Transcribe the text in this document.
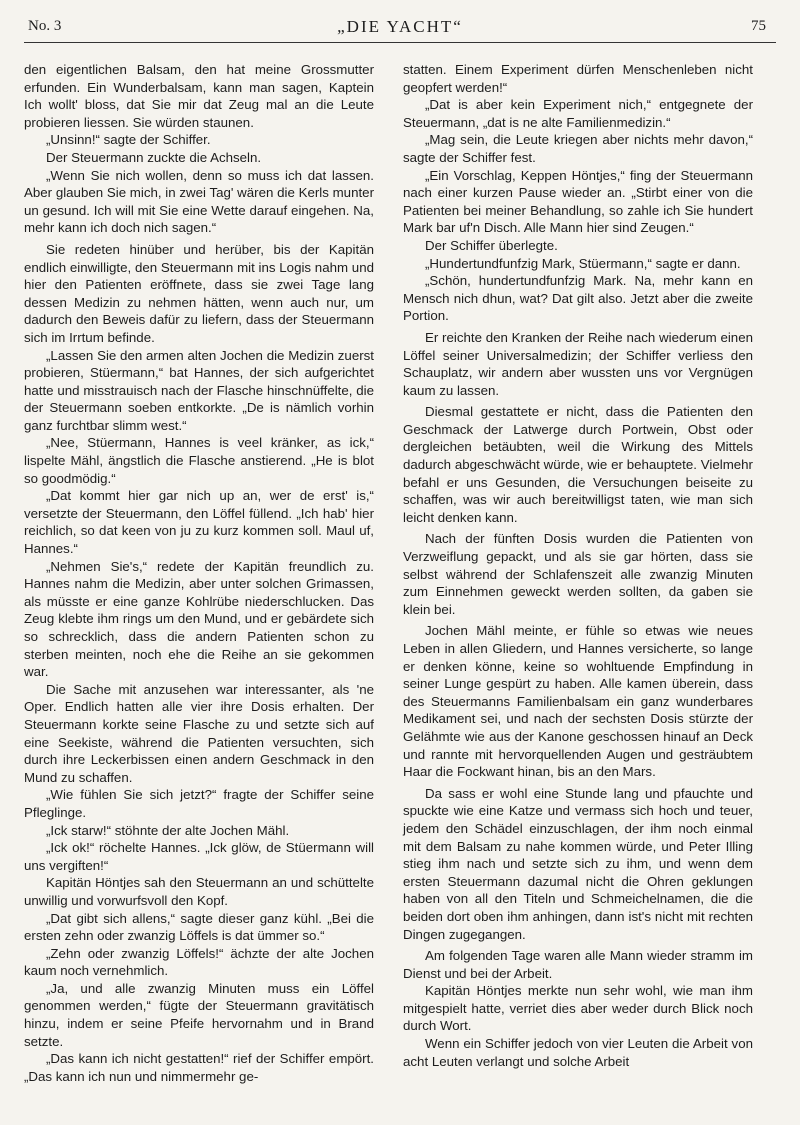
No. 3	„DIE YACHT“	75

den eigentlichen Balsam, den hat meine Grossmutter erfunden. Ein Wunderbalsam, kann man sagen, Kaptein Ich wollt' bloss, dat Sie mir dat Zeug mal an die Leute probieren liessen. Sie würden staunen.

„Unsinn!“ sagte der Schiffer.

Der Steuermann zuckte die Achseln.

„Wenn Sie nich wollen, denn so muss ich dat lassen. Aber glauben Sie mich, in zwei Tag' wären die Kerls munter un gesund. Ich will mit Sie eine Wette darauf eingehen. Na, mehr kann ich doch nich sagen.“

Sie redeten hinüber und herüber, bis der Kapitän endlich einwilligte, den Steuermann mit ins Logis nahm und hier den Patienten eröffnete, dass sie zwei Tage lang dessen Medizin zu nehmen hätten, wenn auch nur, um dadurch den Beweis dafür zu liefern, dass der Steuermann sich im Irrtum befinde.

„Lassen Sie den armen alten Jochen die Medizin zuerst probieren, Stüermann,“ bat Hannes, der sich aufgerichtet hatte und misstrauisch nach der Flasche hinschnüffelte, die der Steuermann soeben entkorkte. „De is nämlich vorhin ganz furchtbar slimm west.“

„Nee, Stüermann, Hannes is veel kränker, as ick,“ lispelte Mähl, ängstlich die Flasche anstierend. „He is blot so goodmödig.“

„Dat kommt hier gar nich up an, wer de erst' is,“ versetzte der Steuermann, den Löffel füllend. „Ich hab' hier reichlich, so dat keen von ju zu kurz kommen soll. Maul uf, Hannes.“

„Nehmen Sie's,“ redete der Kapitän freundlich zu. Hannes nahm die Medizin, aber unter solchen Grimassen, als müsste er eine ganze Kohlrübe niederschlucken. Das Zeug klebte ihm rings um den Mund, und er gebärdete sich so schrecklich, dass die andern Patienten schon zu sterben meinten, noch ehe die Reihe an sie gekommen war.

Die Sache mit anzusehen war interessanter, als 'ne Oper. Endlich hatten alle vier ihre Dosis erhalten. Der Steuermann korkte seine Flasche zu und setzte sich auf eine Seekiste, während die Patienten versuchten, sich durch ihre Leckerbissen einen andern Geschmack in den Mund zu schaffen.

„Wie fühlen Sie sich jetzt?“ fragte der Schiffer seine Pfleglinge.

„Ick starw!“ stöhnte der alte Jochen Mähl.

„Ick ok!“ röchelte Hannes. „Ick glöw, de Stüermann will uns vergiften!“

Kapitän Höntjes sah den Steuermann an und schüttelte unwillig und vorwurfsvoll den Kopf.

„Dat gibt sich allens,“ sagte dieser ganz kühl. „Bei die ersten zehn oder zwanzig Löffels is dat ümmer so.“

„Zehn oder zwanzig Löffels!“ ächzte der alte Jochen kaum noch vernehmlich.

„Ja, und alle zwanzig Minuten muss ein Löffel genommen werden,“ fügte der Steuermann gravitätisch hinzu, indem er seine Pfeife hervornahm und in Brand setzte.

„Das kann ich nicht gestatten!“ rief der Schiffer empört. „Das kann ich nun und nimmermehr ge-

statten. Einem Experiment dürfen Menschenleben nicht geopfert werden!“

„Dat is aber kein Experiment nich,“ entgegnete der Steuermann, „dat is ne alte Familienmedizin.“

„Mag sein, die Leute kriegen aber nichts mehr davon,“ sagte der Schiffer fest.

„Ein Vorschlag, Keppen Höntjes,“ fing der Steuermann nach einer kurzen Pause wieder an. „Stirbt einer von die Patienten bei meiner Behandlung, so zahle ich Sie hundert Mark bar uf'n Disch. Alle Mann hier sind Zeugen.“

Der Schiffer überlegte.

„Hundertundfunfzig Mark, Stüermann,“ sagte er dann.

„Schön, hundertundfunfzig Mark. Na, mehr kann en Mensch nich dhun, wat? Dat gilt also. Jetzt aber die zweite Portion.

Er reichte den Kranken der Reihe nach wiederum einen Löffel seiner Universalmedizin; der Schiffer verliess den Schauplatz, wir andern aber wussten uns vor Vergnügen kaum zu lassen.

Diesmal gestattete er nicht, dass die Patienten den Geschmack der Latwerge durch Portwein, Obst oder dergleichen betäubten, weil die Wirkung des Mittels dadurch abgeschwächt würde, wie er behauptete. Vielmehr befahl er uns Gesunden, die Versuchungen beiseite zu schaffen, was wir auch bereitwilligst taten, wie man sich leicht denken kann.

Nach der fünften Dosis wurden die Patienten von Verzweiflung gepackt, und als sie gar hörten, dass sie selbst während der Schlafenszeit alle zwanzig Minuten zum Einnehmen geweckt werden sollten, da gaben sie klein bei.

Jochen Mähl meinte, er fühle so etwas wie neues Leben in allen Gliedern, und Hannes versicherte, so lange er denken könne, keine so wohltuende Empfindung in seiner Lunge gespürt zu haben. Alle kamen überein, dass des Steuermanns Familienbalsam ein ganz wunderbares Medikament sei, und nach der sechsten Dosis stürzte der Gelähmte wie aus der Kanone geschossen hinauf an Deck und rannte mit hervorquellenden Augen und gesträubtem Haar die Fockwant hinan, bis an den Mars.

Da sass er wohl eine Stunde lang und pfauchte und spuckte wie eine Katze und vermass sich hoch und teuer, jedem den Schädel einzuschlagen, der ihm noch einmal mit dem Balsam zu nahe kommen würde, und Peter Illing stieg ihm nach und setzte sich zu ihm, und wenn dem ersten Steuermann dazumal nicht die Ohren geklungen haben von all den Titeln und Schmeichelnamen, die die beiden dort oben ihm anhingen, dann ist's nicht mit rechten Dingen zugegangen.

Am folgenden Tage waren alle Mann wieder stramm im Dienst und bei der Arbeit.

Kapitän Höntjes merkte nun sehr wohl, wie man ihm mitgespielt hatte, verriet dies aber weder durch Blick noch durch Wort.

Wenn ein Schiffer jedoch von vier Leuten die Arbeit von acht Leuten verlangt und solche Arbeit
